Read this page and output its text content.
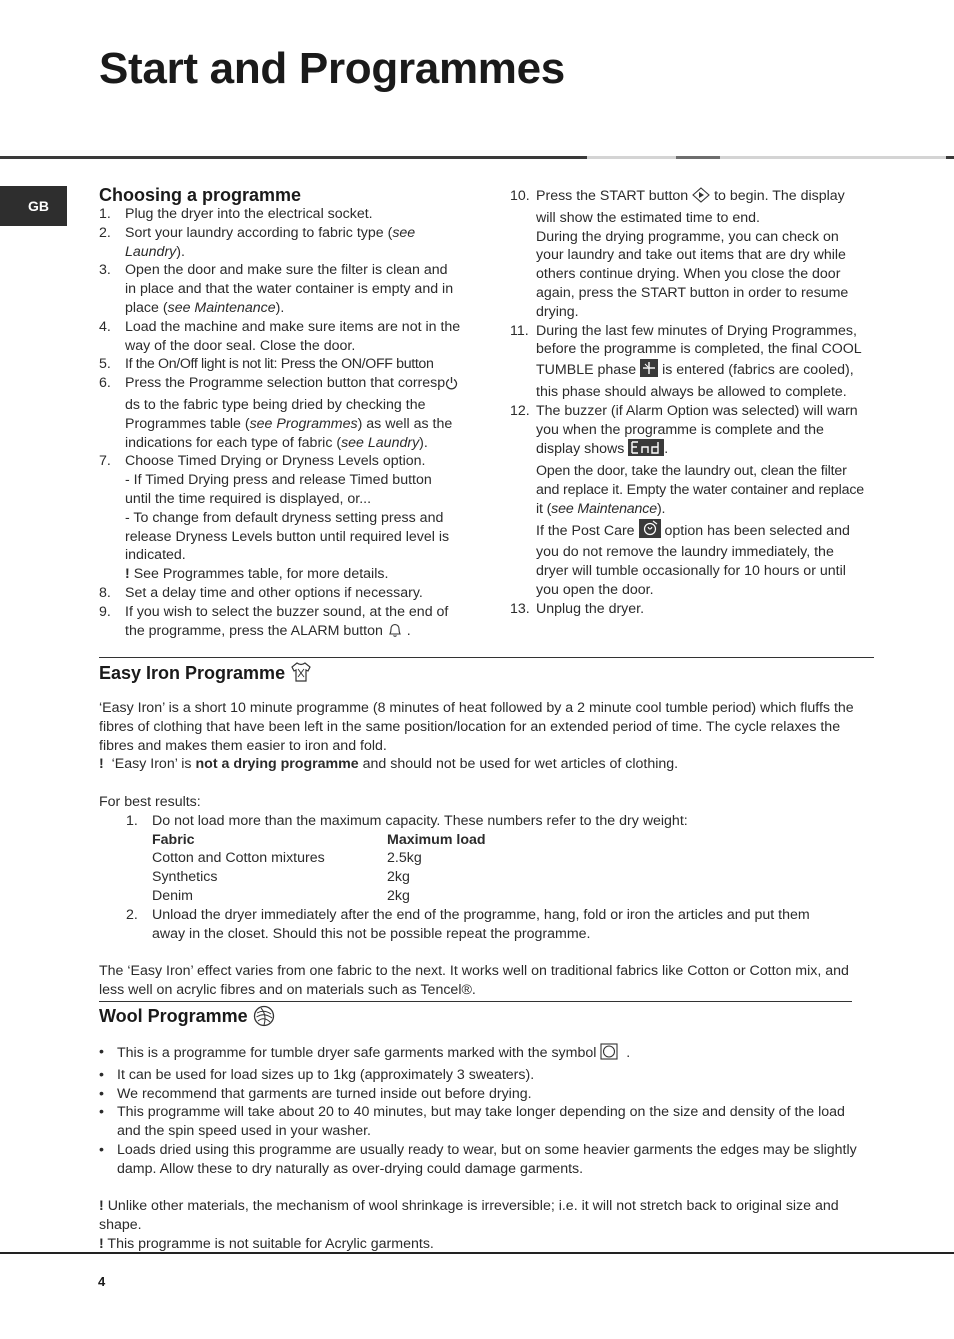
Start and Programmes
GB
Choosing a programme
1. Plug the dryer into the electrical socket.
2. Sort your laundry according to fabric type (see Laundry).
3. Open the door and make sure the filter is clean and in place and that the water container is empty and in place (see Maintenance).
4. Load the machine and make sure items are not in the way of the door seal. Close the door.
5. If the On/Off light is not lit: Press the ON/OFF button
6. Press the Programme selection button that correspds to the fabric type being dried by checking the Programmes table (see Programmes) as well as the indications for each type of fabric (see Laundry).
7. Choose Timed Drying or Dryness Levels option.
- If Timed Drying press and release Timed button until the time required is displayed, or...
- To change from default dryness setting press and release Dryness Levels button until required level is indicated.
! See Programmes table, for more details.
8. Set a delay time and other options if necessary.
9. If you wish to select the buzzer sound, at the end of the programme, press the ALARM button .
10. Press the START button to begin. The display will show the estimated time to end.
During the drying programme, you can check on your laundry and take out items that are dry while others continue drying. When you close the door again, press the START button in order to resume drying.
11. During the last few minutes of Drying Programmes, before the programme is completed, the final COOL TUMBLE phase is entered (fabrics are cooled), this phase should always be allowed to complete.
12. The buzzer (if Alarm Option was selected) will warn you when the programme is complete and the display shows	.
Open the door, take the laundry out, clean the filter and replace it. Empty the water container and replace it (see Maintenance).
If the Post Care option has been selected and you do not remove the laundry immediately, the dryer will tumble occasionally for 10 hours or until you open the door.
13. Unplug the dryer.
Easy Iron Programme
‘Easy Iron’ is a short 10 minute programme (8 minutes of heat followed by a 2 minute cool tumble period) which fluffs the fibres of clothing that have been left in the same position/location for an extended period of time. The cycle relaxes the fibres and makes them easier to iron and fold.
! ‘Easy Iron’ is not a drying programme and should not be used for wet articles of clothing.
For best results:
1. Do not load more than the maximum capacity. These numbers refer to the dry weight:
Fabric	Maximum load
Cotton and Cotton mixtures	2.5kg
Synthetics	2kg
Denim	2kg
2. Unload the dryer immediately after the end of the programme, hang, fold or iron the articles and put them away in the closet. Should this not be possible repeat the programme.
The ‘Easy Iron’ effect varies from one fabric to the next. It works well on traditional fabrics like Cotton or Cotton mix, and less well on acrylic fibres and on materials such as Tencel®.
Wool Programme
• This is a programme for tumble dryer safe garments marked with the symbol .
• It can be used for load sizes up to 1kg (approximately 3 sweaters).
• We recommend that garments are turned inside out before drying.
• This programme will take about 20 to 40 minutes, but may take longer depending on the size and density of the load and the spin speed used in your washer.
• Loads dried using this programme are usually ready to wear, but on some heavier garments the edges may be slightly damp. Allow these to dry naturally as over-drying could damage garments.
! Unlike other materials, the mechanism of wool shrinkage is irreversible; i.e. it will not stretch back to original size and shape.
! This programme is not suitable for Acrylic garments.
4
